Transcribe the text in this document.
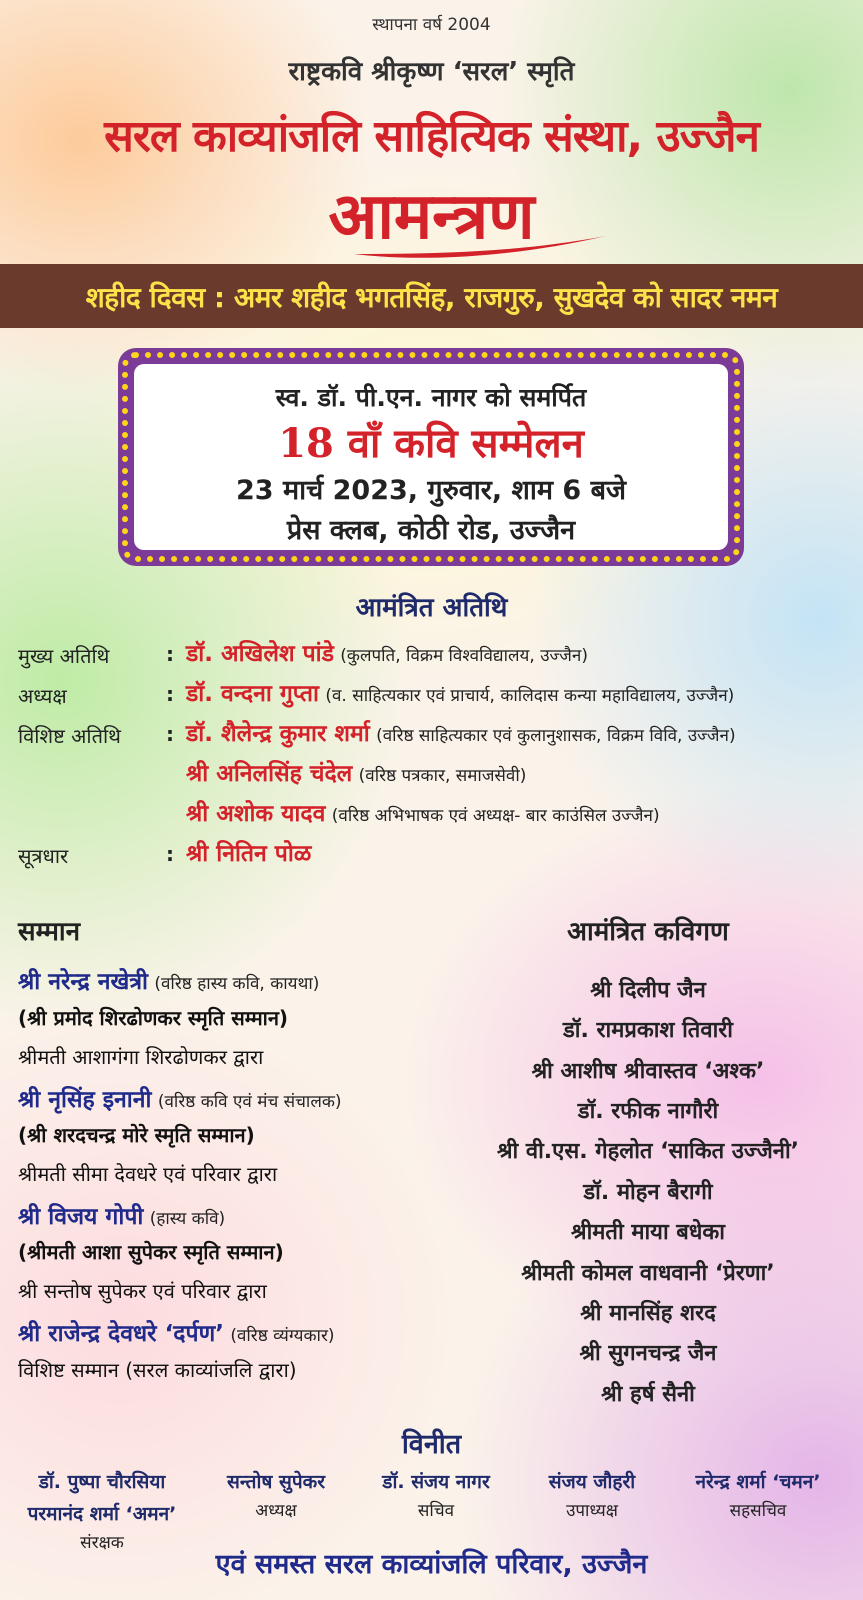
स्थापना वर्ष 2004
राष्ट्रकवि श्रीकृष्ण ‘सरल’ स्मृति
सरल काव्यांजलि साहित्यिक संस्था, उज्जैन
आमन्त्रण
शहीद दिवस : अमर शहीद भगतसिंह, राजगुरु, सुखदेव को सादर नमन
स्व. डॉ. पी.एन. नागर को समर्पित
18 वाँ कवि सम्मेलन
23 मार्च 2023, गुरुवार, शाम 6 बजे
प्रेस क्लब, कोठी रोड, उज्जैन
आमंत्रित अतिथि
मुख्य अतिथि	: डॉ. अखिलेश पांडे (कुलपति, विक्रम विश्वविद्यालय, उज्जैन)
अध्यक्ष	: डॉ. वन्दना गुप्ता (व. साहित्यकार एवं प्राचार्य, कालिदास कन्या महाविद्यालय, उज्जैन)
विशिष्ट अतिथि : डॉ. शैलेन्द्र कुमार शर्मा (वरिष्ठ साहित्यकार एवं कुलानुशासक, विक्रम विवि, उज्जैन)
श्री अनिलसिंह चंदेल (वरिष्ठ पत्रकार, समाजसेवी)
श्री अशोक यादव (वरिष्ठ अभिभाषक एवं अध्यक्ष- बार काउंसिल उज्जैन)
सूत्रधार	: श्री नितिन पोळ
सम्मान
श्री नरेन्द्र नखेत्री (वरिष्ठ हास्य कवि, कायथा)
(श्री प्रमोद शिरढोणकर स्मृति सम्मान)
श्रीमती आशागंगा शिरढोणकर द्वारा
श्री नृसिंह इनानी (वरिष्ठ कवि एवं मंच संचालक)
(श्री शरदचन्द्र मोरे स्मृति सम्मान)
श्रीमती सीमा देवधरे एवं परिवार द्वारा
श्री विजय गोपी (हास्य कवि)
(श्रीमती आशा सुपेकर स्मृति सम्मान)
श्री सन्तोष सुपेकर एवं परिवार द्वारा
श्री राजेन्द्र देवधरे ‘दर्पण’ (वरिष्ठ व्यंग्यकार)
विशिष्ट सम्मान (सरल काव्यांजलि द्वारा)
आमंत्रित कविगण
श्री दिलीप जैन
डॉ. रामप्रकाश तिवारी
श्री आशीष श्रीवास्तव ‘अश्क’
डॉ. रफीक नागौरी
श्री वी.एस. गेहलोत ‘साकित उज्जैनी’
डॉ. मोहन बैरागी
श्रीमती माया बधेका
श्रीमती कोमल वाधवानी ‘प्रेरणा’
श्री मानसिंह शरद
श्री सुगनचन्द्र जैन
श्री हर्ष सैनी
विनीत
डॉ. पुष्पा चौरसिया
परमानंद शर्मा ‘अमन’
संरक्षक
सन्तोष सुपेकर
अध्यक्ष
डॉ. संजय नागर
सचिव
संजय जौहरी
उपाध्यक्ष
नरेन्द्र शर्मा ‘चमन’
सहसचिव
एवं समस्त सरल काव्यांजलि परिवार, उज्जैन
